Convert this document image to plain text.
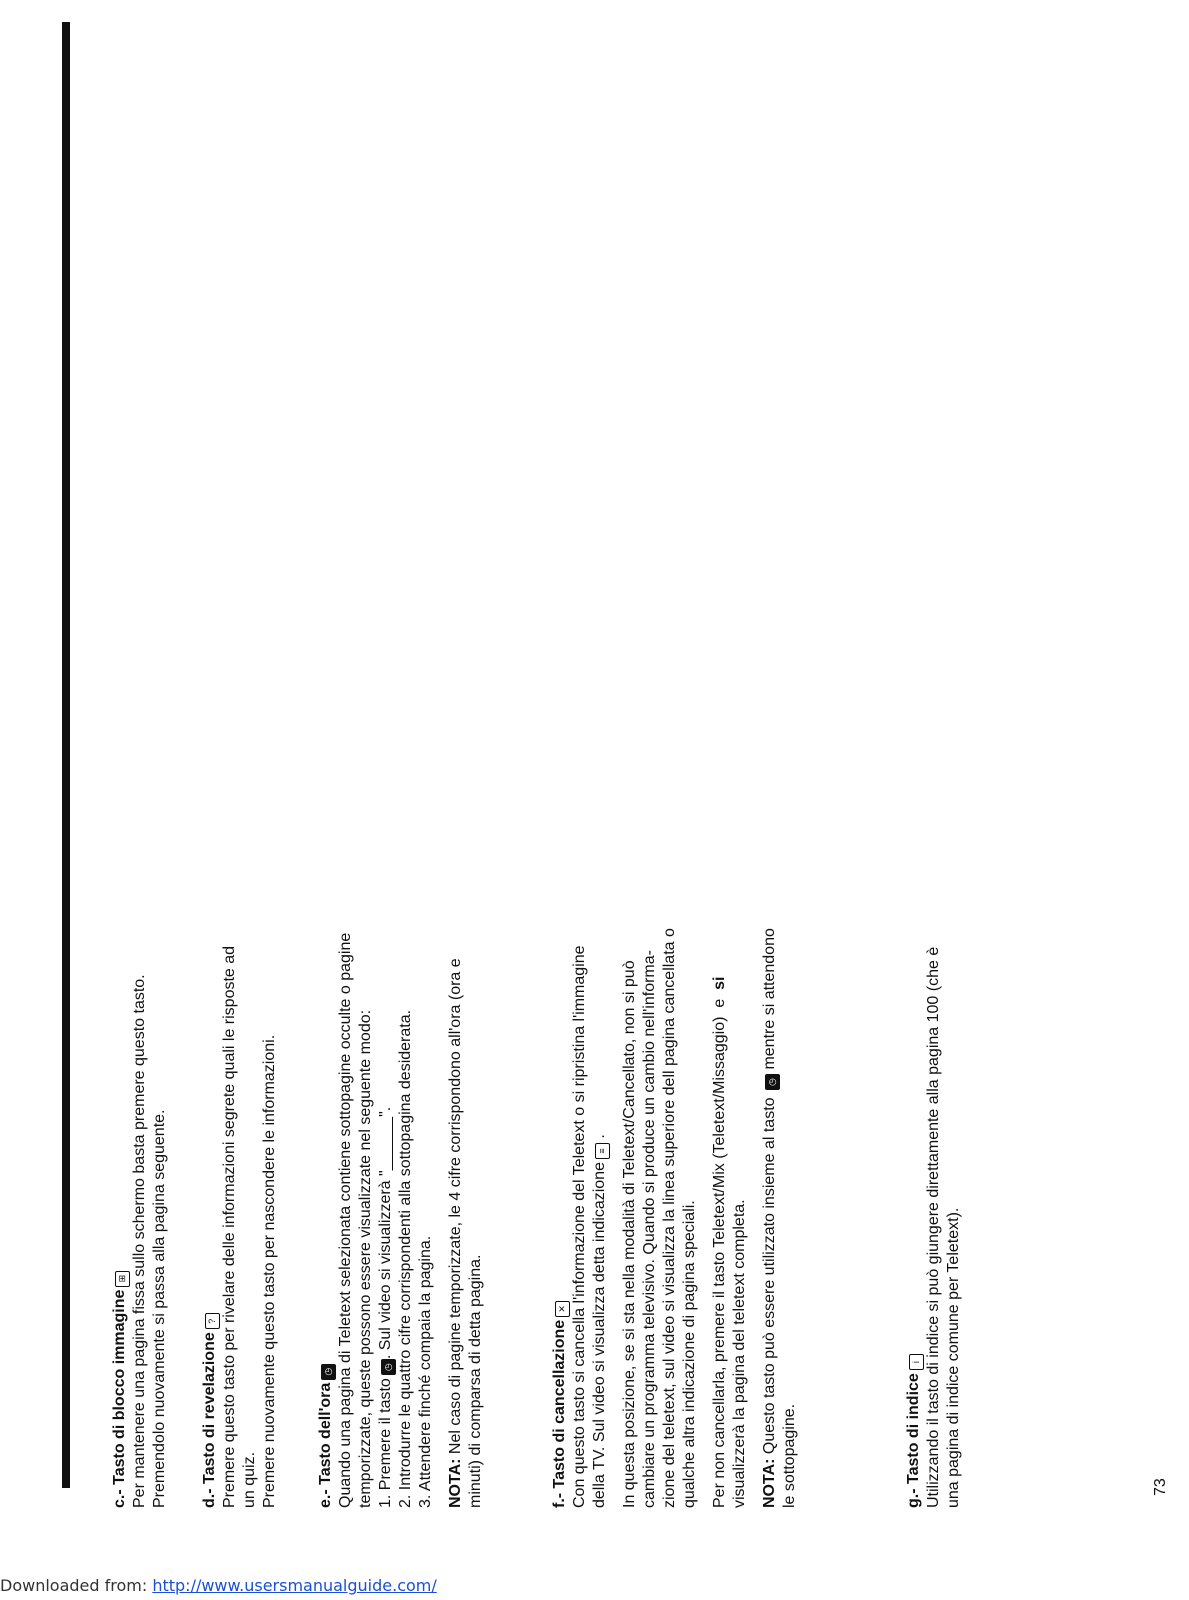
c.- Tasto di blocco immagine⊞ Per mantenere una pagina fissa sullo schermo basta premere questo tasto. Premendolo nuovamente si passa alla pagina seguente. d.- Tasto di revelazione? Premere questo tasto per rivelare delle informazioni segrete quali le risposte ad un quiz. Premere nuovamente questo tasto per nascondere le informazioni. e.- Tasto dell'ora◷ Quando una pagina di Teletext selezionata contiene sottopagine occulte o pagine temporizzate, queste possono essere visualizzate nel seguente modo: 1. Premere il tasto◷. Sul video si visualizzerà "______". 2. Introdurre le quattro cifre corrispondenti alla sottopagina desiderata. 3. Attendere finché compaia la pagina. NOTA: Nel caso di pagine temporizzate, le 4 cifre corrispondono all'ora (ora e minuti) di comparsa di detta pagina.	f.- Tasto di cancellazione✕ Con questo tasto si cancella l'informazione del Teletext o si ripristina l'immagine della TV. Sul video si visualizza detta indicazione≡ . In questa posizione, se si sta nella modalità di Teletext/Cancellato, non si può cambiare un programma televisivo. Quando si produce un cambio nell'informa- zione del teletext, sul video si visualizza la linea superiore dell pagina cancellata o qualche altra indicazione di pagina speciali. Per non cancellarla, premere il tasto Teletext/Mix (Teletext/Missaggio)  e  si

visualizzerà la pagina del teletext completa. NOTA: Questo tasto può essere utilizzato insieme al tasto ◷ mentre si attendono

le sottopagine.	g.- Tasto di indicei Utilizzando il tasto di indice si può giungere direttamente alla pagina 100 (che è una pagina di indice comune per Teletext).	73
Downloaded from: http://www.usersmanualguide.com/
